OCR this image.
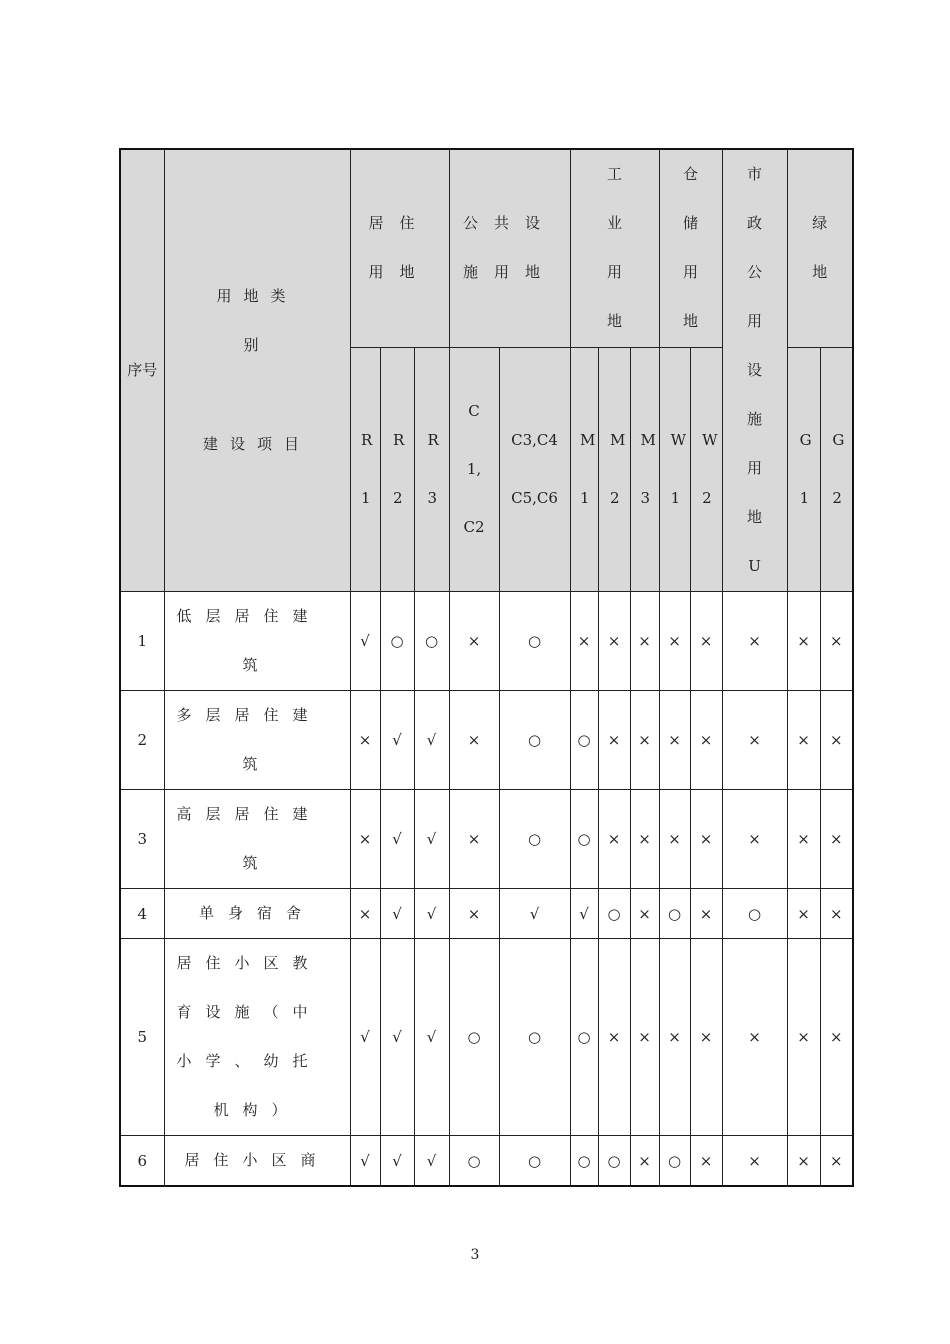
序号	用地类别
建设项目	居住用地			公共设施用地		工业用地			仓储用地		市政公用设施用地U	绿地	

		R1	R2	R3	C1,C2	C3,C4C5,C6	M1	M2	M3	W1	W2		G1	G2

1	低层居住建筑	√	○	○	×	○	×	×	×	×	×	×	×	×
2	多层居住建筑	×	√	√	×	○	○	×	×	×	×	×	×	×
3	高层居住建筑	×	√	√	×	○	○	×	×	×	×	×	×	×
4	单身宿舍	×	√	√	×	√	√	○	×	○	×	○	×	×
5	居住小区教育设施（中小学、幼托机构）	√	√	√	○	○	○	×	×	×	×	×	×	×
6	居住小区商	√	√	√	○	○	○	○	×	○	×	×	×	×
3
